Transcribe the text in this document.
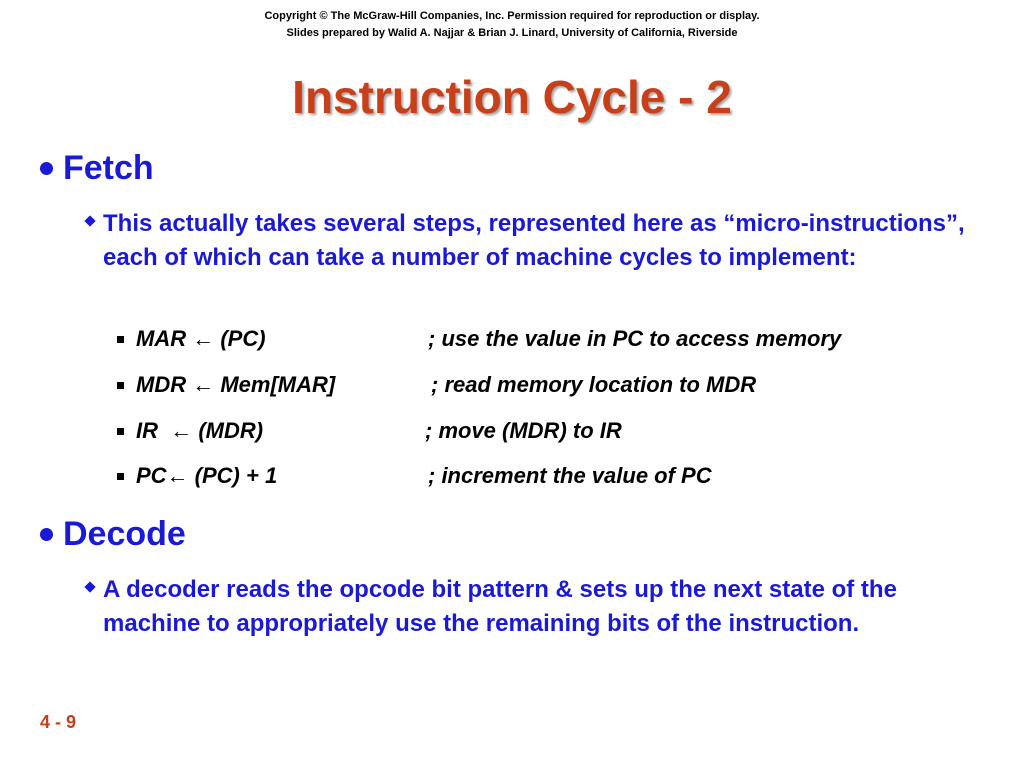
Copyright © The McGraw-Hill Companies, Inc. Permission required for reproduction or display.
Slides prepared by Walid A. Najjar & Brian J. Linard, University of California, Riverside
Instruction Cycle - 2
Fetch
This actually takes several steps, represented here as “micro-instructions”, each of which can take a number of machine cycles to implement:
MAR ← (PC)	; use the value in PC to access memory
MDR ← Mem[MAR]	; read memory location to MDR
IR  ← (MDR)	; move (MDR) to IR
PC← (PC) + 1	; increment the value of PC
Decode
A decoder reads the opcode bit pattern & sets up the next state of the machine to appropriately use the remaining bits of the instruction.
4 - 9
